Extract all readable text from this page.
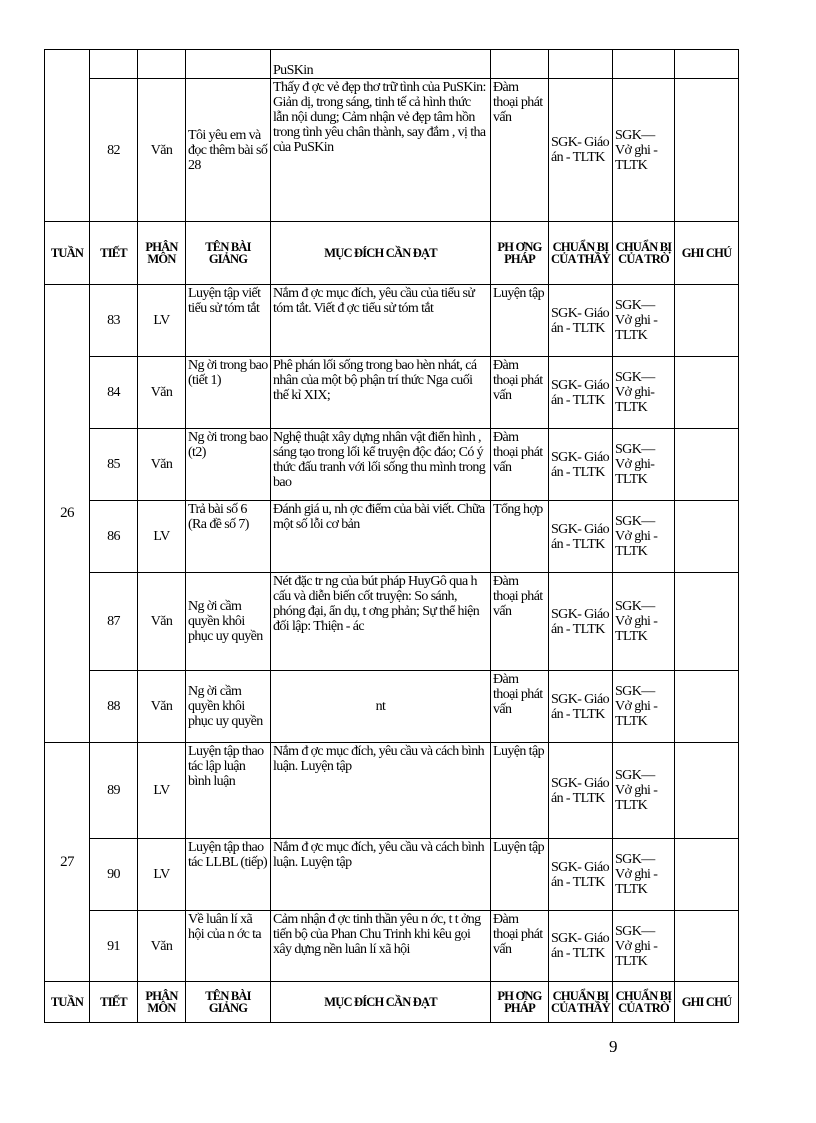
				PuSKin				
	82	Văn	Tôi yêu em và đọc thêm bài số 28	Thấy đ ợc vẻ đẹp thơ trữ tình của PuSKin: Giản dị, trong sáng, tinh tế cả hình thức lẫn nội dung; Cảm nhận vẻ đẹp tâm hồn trong tình yêu chân thành, say đắm , vị tha của PuSKin	Đàm thoại phát vấn	SGK- Giáo án - TLTK	SGK— Vở ghi - TLTK	
TUẦN	TIẾT	PHÂN MÔN	TÊN BÀI GIẢNG	MỤC ĐÍCH CẦN ĐẠT	PH ƠNG PHÁP	CHUẨN BỊ CỦA THẦY	CHUẨN BỊ CỦA TRÒ	GHI CHÚ
26	83	LV	Luyện tập viết tiểu sử tóm tắt	Nắm đ ợc mục đích, yêu cầu của tiểu sử tóm tắt. Viết đ ợc tiểu sử tóm tắt	Luyện tập	SGK- Giáo án - TLTK	SGK— Vở ghi - TLTK	
	84	Văn	Ng ời trong bao (tiết 1)	Phê phán lối sống trong bao hèn nhát, cá nhân của một bộ phận trí thức Nga cuối thế kỉ XIX;	Đàm thoại phát vấn	SGK- Giáo án - TLTK	SGK— Vở ghi- TLTK	
	85	Văn	Ng ời trong bao (t2)	Nghệ thuật xây dựng nhân vật điển hình , sáng tạo trong lối kể truyện độc đáo; Có ý thức đấu tranh với lối sống thu mình trong bao	Đàm thoại phát vấn	SGK- Giáo án - TLTK	SGK— Vở ghi- TLTK	
	86	LV	Trả bài số 6 (Ra đề số 7)	Đánh giá u, nh ợc điểm của bài viết. Chữa một số lỗi cơ bản	Tổng hợp	SGK- Giáo án - TLTK	SGK— Vở ghi - TLTK	
	87	Văn	Ng ời cầm quyền khôi phục uy quyền	Nét đặc tr ng của bút pháp HuyGô qua h cấu và diễn biến cốt truyện: So sánh, phóng đại, ẩn dụ, t ơng phản; Sự thể hiện đối lập: Thiện - ác	Đàm thoại phát vấn	SGK- Giáo án - TLTK	SGK— Vở ghi - TLTK	
	88	Văn	Ng ời cầm quyền khôi phục uy quyền	nt	Đàm thoại phát vấn	SGK- Giáo án - TLTK	SGK— Vở ghi - TLTK	
27	89	LV	Luyện tập thao tác lập luận bình luận	Nắm đ ợc mục đích, yêu cầu và cách bình luận. Luyện tập	Luyện tập	SGK- Giáo án - TLTK	SGK— Vở ghi - TLTK	
	90	LV	Luyện tập thao tác LLBL (tiếp)	Nắm đ ợc mục đích, yêu cầu và cách bình luận. Luyện tập	Luyện tập	SGK- Giáo án - TLTK	SGK— Vở ghi - TLTK	
	91	Văn	Về luân lí xã hội của n ớc ta	Cảm nhận đ ợc tinh thần yêu n ớc, t t ởng tiến bộ của Phan Chu Trinh khi kêu gọi xây dựng nền luân lí xã hội	Đàm thoại phát vấn	SGK- Giáo án - TLTK	SGK— Vở ghi - TLTK	
TUẦN	TIẾT	PHÂN MÔN	TÊN BÀI GIẢNG	MỤC ĐÍCH CẦN ĐẠT	PH ƠNG PHÁP	CHUẨN BỊ CỦA THẦY	CHUẨN BỊ CỦA TRÒ	GHI CHÚ
9
